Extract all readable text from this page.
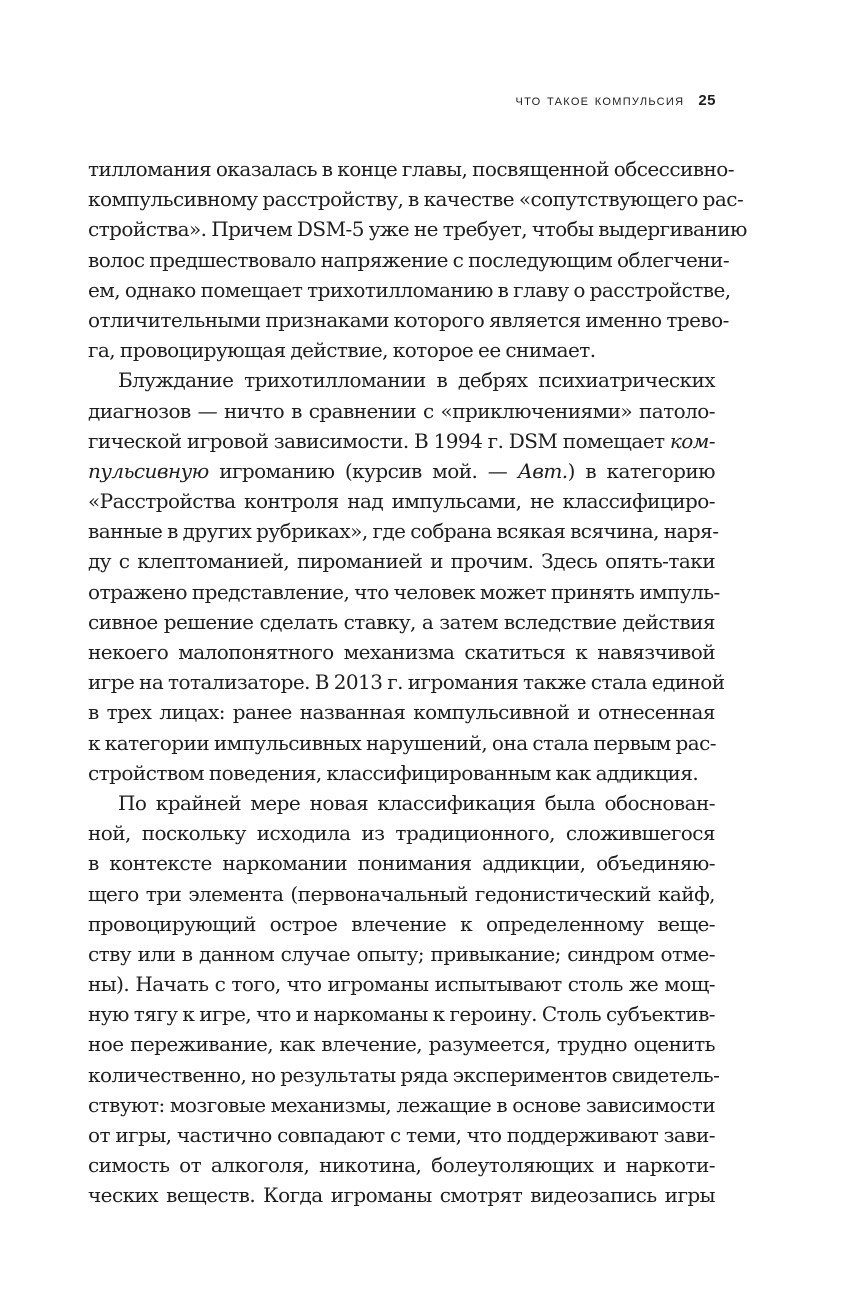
что такое компульсия 25
тилломания оказалась в конце главы, посвященной обсессивно-
компульсивному расстройству, в качестве «сопутствующего рас-
стройства». Причем DSM-5 уже не требует, чтобы выдергиванию
волос предшествовало напряжение с последующим облегчени-
ем, однако помещает трихотилломанию в главу о расстройстве,
отличительными признаками которого является именно трево-
га, провоцирующая действие, которое ее снимает.
Блуждание трихотилломании в дебрях психиатрических
диагнозов — ничто в сравнении с «приключениями» патоло-
гической игровой зависимости. В 1994 г. DSM помещает ком-
пульсивную игроманию (курсив мой. — Авт.) в категорию
«Расстройства контроля над импульсами, не классифициро-
ванные в других рубриках», где собрана всякая всячина, наря-
ду с клептоманией, пироманией и прочим. Здесь опять-таки
отражено представление, что человек может принять импуль-
сивное решение сделать ставку, а затем вследствие действия
некоего малопонятного механизма скатиться к навязчивой
игре на тотализаторе. В 2013 г. игромания также стала единой
в трех лицах: ранее названная компульсивной и отнесенная
к категории импульсивных нарушений, она стала первым рас-
стройством поведения, классифицированным как аддикция.
По крайней мере новая классификация была обоснован-
ной, поскольку исходила из традиционного, сложившегося
в контексте наркомании понимания аддикции, объединяю-
щего три элемента (первоначальный гедонистический кайф,
провоцирующий острое влечение к определенному веще-
ству или в данном случае опыту; привыкание; синдром отме-
ны). Начать с того, что игроманы испытывают столь же мощ-
ную тягу к игре, что и наркоманы к героину. Столь субъектив-
ное переживание, как влечение, разумеется, трудно оценить
количественно, но результаты ряда экспериментов свидетель-
ствуют: мозговые механизмы, лежащие в основе зависимости
от игры, частично совпадают с теми, что поддерживают зави-
симость от алкоголя, никотина, болеутоляющих и наркоти-
ческих веществ. Когда игроманы смотрят видеозапись игры
